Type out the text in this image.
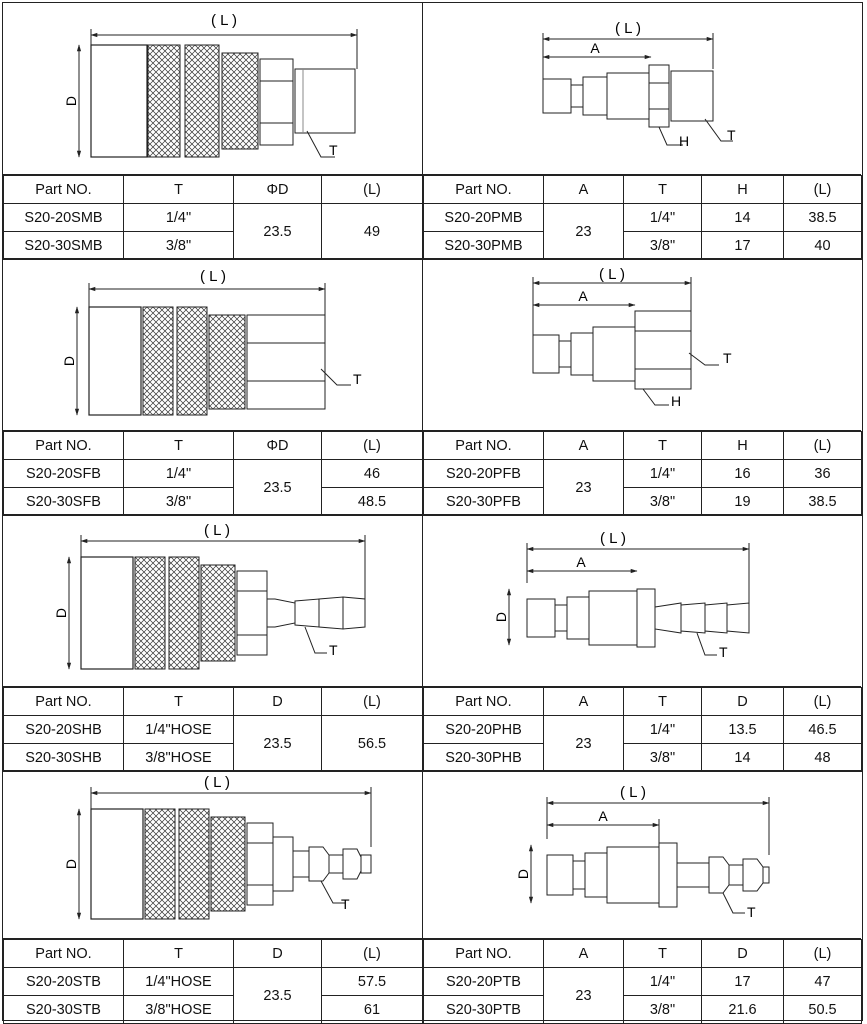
( L )
D
T
Part NO.	T	ΦD	(L)
S20-20SMB	1/4"	23.5	49
S20-30SMB	3/8"		
( L )
A
H	T
Part NO.	A	T	H	(L)
S20-20PMB	23	1/4"	14	38.5
S20-30PMB		3/8"	17	40
( L )
D
T
Part NO.	T	ΦD	(L)
S20-20SFB	1/4"	23.5	46
S20-30SFB	3/8"		48.5
( L )
A
T
H
Part NO.	A	T	H	(L)
S20-20PFB	23	1/4"	16	36
S20-30PFB		3/8"	19	38.5
( L )
D
T
Part NO.	T	D	(L)
S20-20SHB	1/4"HOSE	23.5	56.5
S20-30SHB	3/8"HOSE		
( L )
A
D
T
Part NO.	A	T	D	(L)
S20-20PHB	23	1/4"	13.5	46.5
S20-30PHB		3/8"	14	48
( L )
D
T
Part NO.	T	D	(L)
S20-20STB	1/4"HOSE	23.5	57.5
S20-30STB	3/8"HOSE		61
( L )
A
D
T
Part NO.	A	T	D	(L)
S20-20PTB	23	1/4"	17	47
S20-30PTB		3/8"	21.6	50.5
